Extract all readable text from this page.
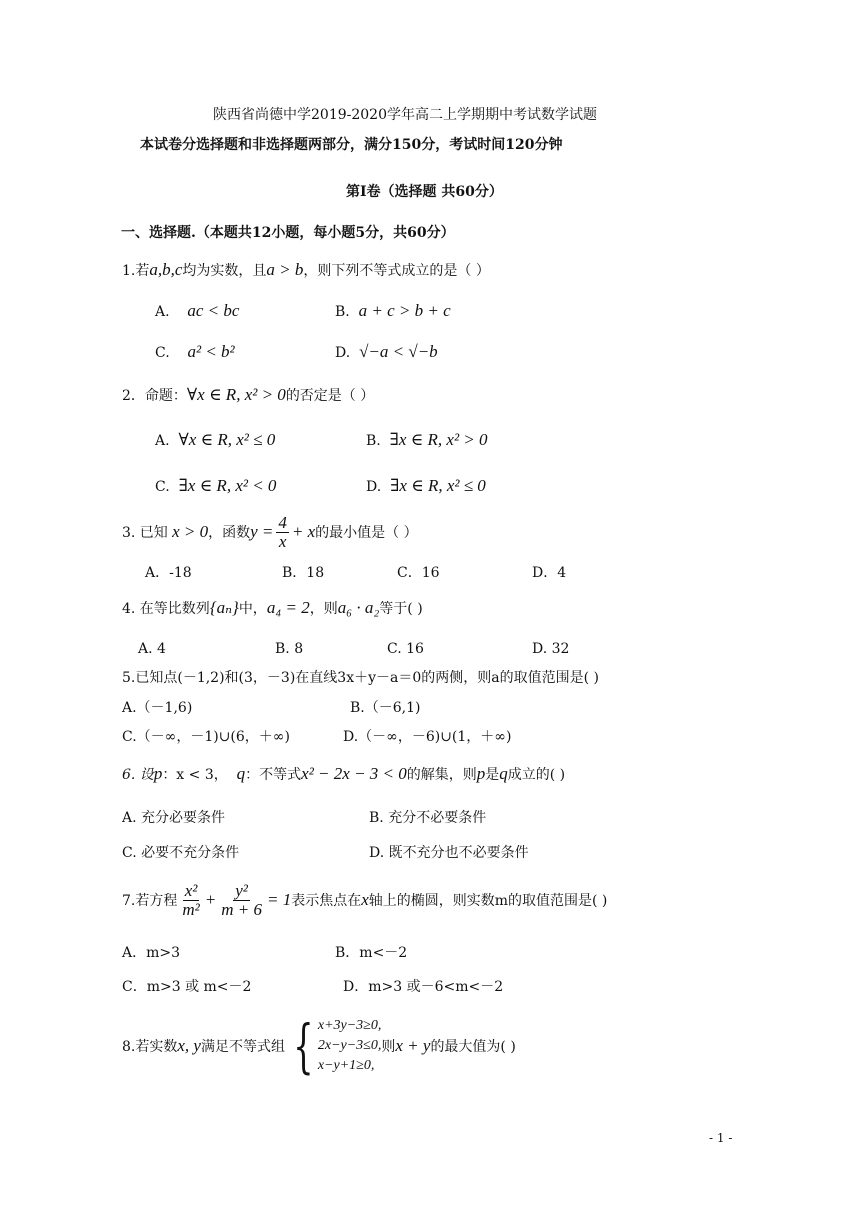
陕西省尚德中学2019-2020学年高二上学期期中考试数学试题
本试卷分选择题和非选择题两部分，满分150分，考试时间120分钟
第Ⅰ卷（选择题 共60分）
一、选择题.（本题共12小题，每小题5分，共60分）
1.若a,b,c均为实数，且a > b，则下列不等式成立的是（ ）
A. ac < bc	B. a + c > b + c
C. a² < b²	D. √−a < √−b
2．命题：∀x ∈ R, x² > 0的否定是（ ）
A. ∀x ∈ R, x² ≤ 0	B. ∃x ∈ R, x² > 0
C. ∃x ∈ R, x² < 0	D. ∃x ∈ R, x² ≤ 0
3. 已知
x > 0 ，函数 $y = \frac{4}{x} + x$ 的最小值是（ ）
A．-18	B．18	C．16	D．4
4. 在等比数列{aₙ}中，a₄ = 2，则a₆ · a₂等于( )
A. 4	B. 8	C. 16	D. 32
5.已知点(－1,2)和(3，－3)在直线3x＋y－a＝0的两侧，则a的取值范围是( )
A.（－1,6)	B.（－6,1)
C.（－∞，－1)∪(6，＋∞)	D.（－∞，－6)∪(1，＋∞)
6. 设p：x < 3， q：不等式x² − 2x − 3 < 0的解集，则p是q成立的( )
A. 充分必要条件	B. 充分不必要条件
C. 必要不充分条件	D. 既不充分也不必要条件
7.若方程 $\frac{\text{x²}}{\text{m²}} + \frac{\text{y²}}{m + 6} = 1$ 表示焦点在 x 轴上的椭圆，则实数m的取值范围是( )
A．m>3	B．m<－2
C．m>3 或 m<－2	D．m>3 或－6<m<－2
8.若实数 x, y 满足不等式组 { x+3y−3≥0,
2x−y−3≤0,
x−y+1≥0,
则 x + y 的最大值为( )
- 1 -
